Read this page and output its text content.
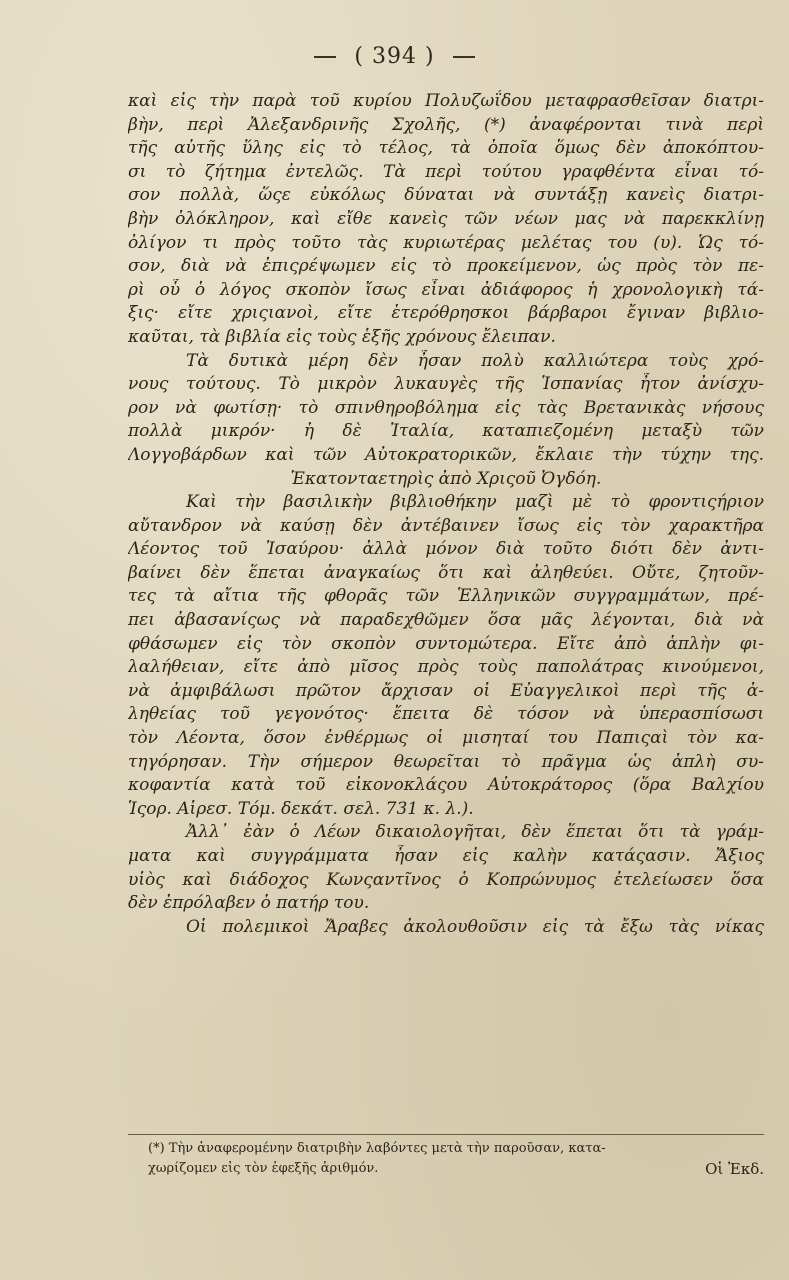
( 394 )
καὶ εἰς τὴν παρὰ τοῦ κυρίου Πολυζωΐδου μεταφρασθεῖσαν διατρι-
βὴν, περὶ Ἀλεξανδρινῆς Σχολῆς, (*) ἀναφέρονται τινὰ περὶ
τῆς αὐτῆς ὕλης εἰς τὸ τέλος, τὰ ὁποῖα ὅμως δὲν ἀποκόπτου-
σι τὸ ζήτημα ἐντελῶς. Τὰ περὶ τούτου γραφθέντα εἶναι τό-
σον πολλὰ, ὥςε εὐκόλως δύναται νὰ συντάξῃ κανεὶς διατρι-
βὴν ὁλόκληρον, καὶ εἴθε κανεὶς τῶν νέων μας νὰ παρεκκλίνῃ
ὀλίγον τι πρὸς τοῦτο τὰς κυριωτέρας μελέτας του (υ). Ὡς τό-
σον, διὰ νὰ ἐπιςρέψωμεν εἰς τὸ προκείμενον, ὡς πρὸς τὸν πε-
ρὶ οὗ ὁ λόγος σκοπὸν ἴσως εἶναι ἀδιάφορος ἡ χρονολογικὴ τά-
ξις· εἴτε χριςιανοὶ, εἴτε ἑτερόθρησκοι βάρβαροι ἔγιναν βιβλιο-
καῦται, τὰ βιβλία εἰς τοὺς ἑξῆς χρόνους ἔλειπαν.
Τὰ δυτικὰ μέρη δὲν ἦσαν πολὺ καλλιώτερα τοὺς χρό-
νους τούτους. Τὸ μικρὸν λυκαυγὲς τῆς Ἱσπανίας ἦτον ἀνίσχυ-
ρον νὰ φωτίσῃ· τὸ σπινθηροβόλημα εἰς τὰς Βρετανικὰς νήσους
πολλὰ μικρόν· ἡ δὲ Ἰταλία, καταπιεζομένη μεταξὺ τῶν
Λογγοβάρδων καὶ τῶν Αὐτοκρατορικῶν, ἔκλαιε τὴν τύχην της.
Ἑκατονταετηρὶς ἀπὸ Χριςοῦ Ὀγδόη.
Καὶ τὴν βασιλικὴν βιβλιοθήκην μαζὶ μὲ τὸ φροντιςήριον
αὔτανδρον νὰ καύσῃ δὲν ἀντέβαινεν ἴσως εἰς τὸν χαρακτῆρα
Λέοντος τοῦ Ἰσαύρου· ἀλλὰ μόνον διὰ τοῦτο διότι δὲν ἀντι-
βαίνει δὲν ἕπεται ἀναγκαίως ὅτι καὶ ἀληθεύει. Οὔτε, ζητοῦν-
τες τὰ αἴτια τῆς φθορᾶς τῶν Ἑλληνικῶν συγγραμμάτων, πρέ-
πει ἀβασανίςως νὰ παραδεχθῶμεν ὅσα μᾶς λέγονται, διὰ νὰ
φθάσωμεν εἰς τὸν σκοπὸν συντομώτερα. Εἴτε ἀπὸ ἁπλὴν φι-
λαλήθειαν, εἴτε ἀπὸ μῖσος πρὸς τοὺς παπολάτρας κινούμενοι,
νὰ ἀμφιβάλωσι πρῶτον ἄρχισαν οἱ Εὐαγγελικοὶ περὶ τῆς ἀ-
ληθείας τοῦ γεγονότος· ἔπειτα δὲ τόσον νὰ ὑπερασπίσωσι
τὸν Λέοντα, ὅσον ἐνθέρμως οἱ μισηταί του Παπιςαὶ τὸν κα-
τηγόρησαν. Τὴν σήμερον θεωρεῖται τὸ πρᾶγμα ὡς ἁπλὴ συ-
κοφαντία κατὰ τοῦ εἰκονοκλάςου Αὐτοκράτορος (ὅρα Βαλχίου
Ἱςορ. Αἱρεσ. Τόμ. δεκάτ. σελ. 731 κ. λ.).
Ἀλλ᾽ ἐὰν ὁ Λέων δικαιολογῆται, δὲν ἕπεται ὅτι τὰ γράμ-
ματα καὶ συγγράμματα ἦσαν εἰς καλὴν κατάςασιν. Ἄξιος
υἱὸς καὶ διάδοχος Κωνςαντῖνος ὁ Κοπρώνυμος ἐτελείωσεν ὅσα
δὲν ἐπρόλαβεν ὁ πατήρ του.
Οἱ πολεμικοὶ Ἄραβες ἀκολουθοῦσιν εἰς τὰ ἔξω τὰς νίκας
(*) Τὴν ἀναφερομένην διατριβὴν λαβόντες μετὰ τὴν παροῦσαν, κατα-
χωρίζομεν εἰς τὸν ἐφεξῆς ἀριθμόν.	Οἱ Ἐκδ.
